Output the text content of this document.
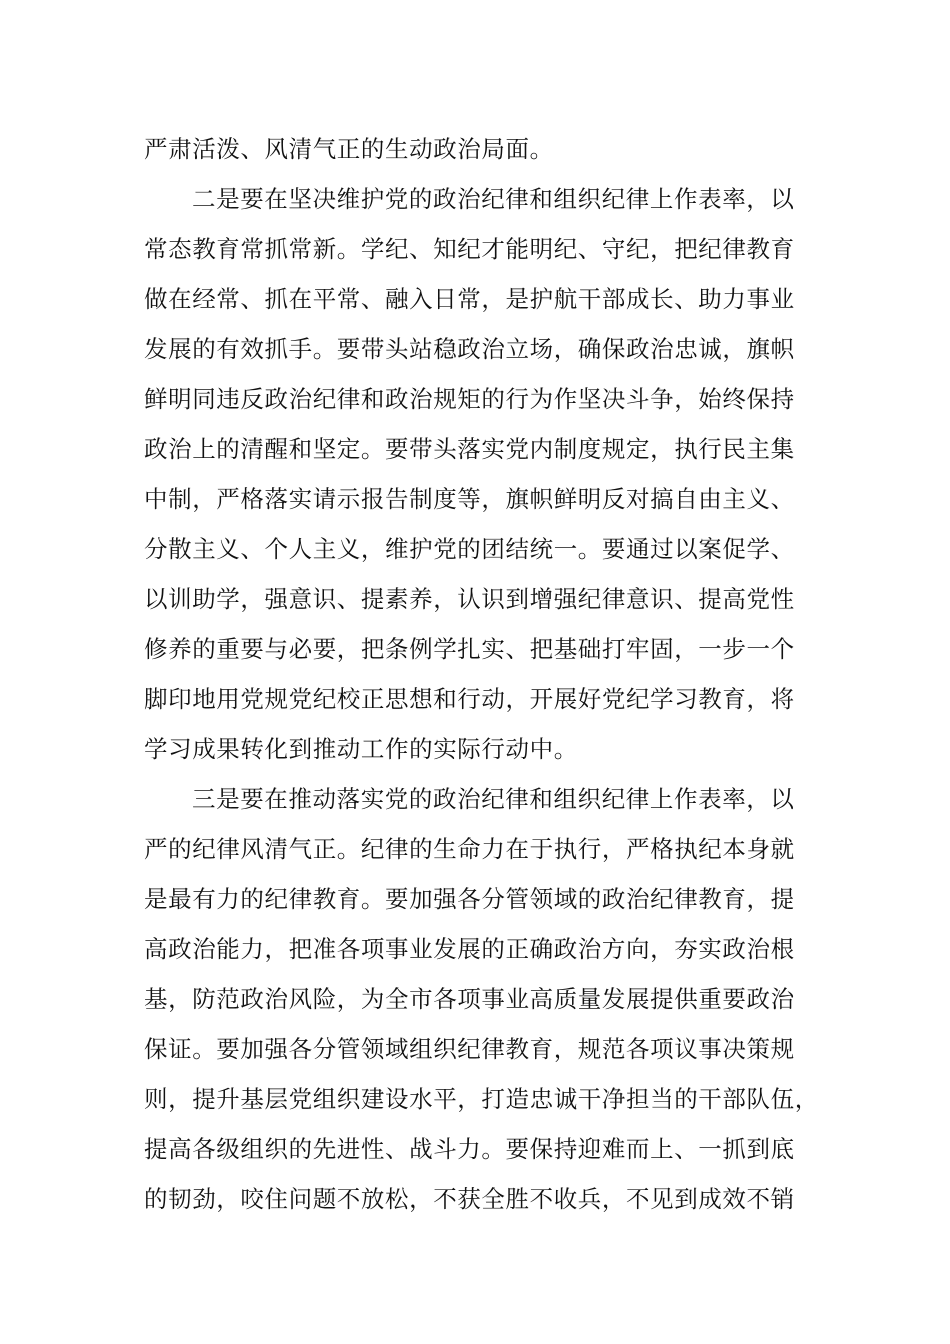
严肃活泼、风清气正的生动政治局面。
二是要在坚决维护党的政治纪律和组织纪律上作表率，以
常态教育常抓常新。学纪、知纪才能明纪、守纪，把纪律教育
做在经常、抓在平常、融入日常，是护航干部成长、助力事业
发展的有效抓手。要带头站稳政治立场，确保政治忠诚，旗帜
鲜明同违反政治纪律和政治规矩的行为作坚决斗争，始终保持
政治上的清醒和坚定。要带头落实党内制度规定，执行民主集
中制，严格落实请示报告制度等，旗帜鲜明反对搞自由主义、
分散主义、个人主义，维护党的团结统一。要通过以案促学、
以训助学，强意识、提素养，认识到增强纪律意识、提高党性
修养的重要与必要，把条例学扎实、把基础打牢固，一步一个
脚印地用党规党纪校正思想和行动，开展好党纪学习教育，将
学习成果转化到推动工作的实际行动中。
三是要在推动落实党的政治纪律和组织纪律上作表率，以
严的纪律风清气正。纪律的生命力在于执行，严格执纪本身就
是最有力的纪律教育。要加强各分管领域的政治纪律教育，提
高政治能力，把准各项事业发展的正确政治方向，夯实政治根
基，防范政治风险，为全市各项事业高质量发展提供重要政治
保证。要加强各分管领域组织纪律教育，规范各项议事决策规
则，提升基层党组织建设水平，打造忠诚干净担当的干部队伍，
提高各级组织的先进性、战斗力。要保持迎难而上、一抓到底
的韧劲，咬住问题不放松，不获全胜不收兵，不见到成效不销
